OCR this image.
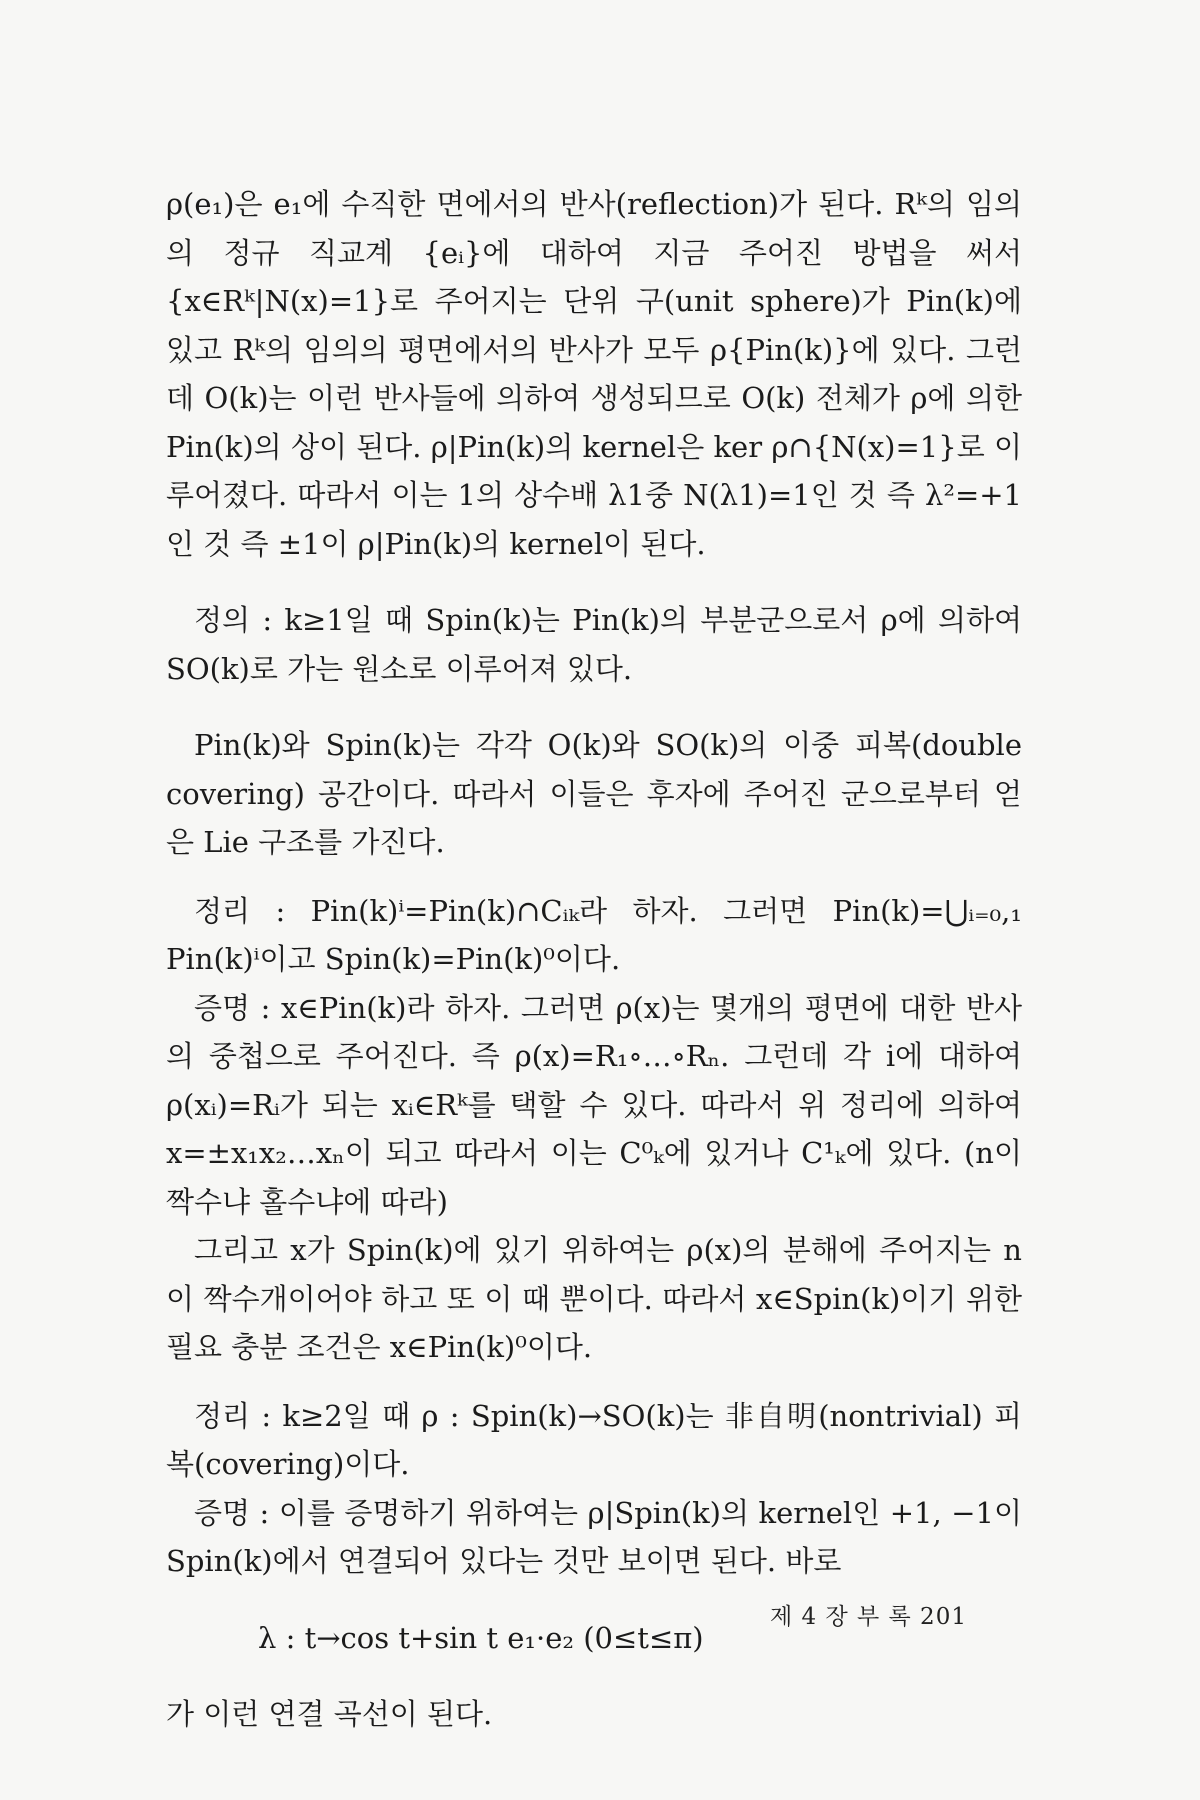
ρ(e₁)은 e₁에 수직한 면에서의 반사(reflection)가 된다. Rᵏ의 임의의 정규 직교계 {eᵢ}에 대하여 지금 주어진 방법을 써서 {x∈Rᵏ|N(x)=1}로 주어지는 단위 구(unit sphere)가 Pin(k)에 있고 Rᵏ의 임의의 평면에서의 반사가 모두 ρ{Pin(k)}에 있다. 그런데 O(k)는 이런 반사들에 의하여 생성되므로 O(k) 전체가 ρ에 의한 Pin(k)의 상이 된다. ρ|Pin(k)의 kernel은 ker ρ∩{N(x)=1}로 이루어졌다. 따라서 이는 1의 상수배 λ1중 N(λ1)=1인 것 즉 λ²=+1인 것 즉 ±1이 ρ|Pin(k)의 kernel이 된다.

정의 : k≥1일 때 Spin(k)는 Pin(k)의 부분군으로서 ρ에 의하여 SO(k)로 가는 원소로 이루어져 있다.

Pin(k)와 Spin(k)는 각각 O(k)와 SO(k)의 이중 피복(double covering) 공간이다. 따라서 이들은 후자에 주어진 군으로부터 얻은 Lie 구조를 가진다.

정리 : Pin(k)ⁱ=Pin(k)∩Cᵢₖ라 하자. 그러면 Pin(k)=⋃ᵢ₌₀,₁ Pin(k)ⁱ이고 Spin(k)=Pin(k)⁰이다.

증명 : x∈Pin(k)라 하자. 그러면 ρ(x)는 몇개의 평면에 대한 반사의 중첩으로 주어진다. 즉 ρ(x)=R₁∘…∘Rₙ. 그런데 각 i에 대하여 ρ(xᵢ)=Rᵢ가 되는 xᵢ∈Rᵏ를 택할 수 있다. 따라서 위 정리에 의하여 x=±x₁x₂…xₙ이 되고 따라서 이는 C⁰ₖ에 있거나 C¹ₖ에 있다. (n이 짝수냐 홀수냐에 따라)

그리고 x가 Spin(k)에 있기 위하여는 ρ(x)의 분해에 주어지는 n이 짝수개이어야 하고 또 이 때 뿐이다. 따라서 x∈Spin(k)이기 위한 필요 충분 조건은 x∈Pin(k)⁰이다.

정리 : k≥2일 때 ρ : Spin(k)→SO(k)는 非自明(nontrivial) 피복(covering)이다.

증명 : 이를 증명하기 위하여는 ρ|Spin(k)의 kernel인 +1, −1이 Spin(k)에서 연결되어 있다는 것만 보이면 된다. 바로

λ : t→cos t+sin t e₁·e₂ (0≤t≤π)

가 이런 연결 곡선이 된다.

제 4 장 부 록 201
